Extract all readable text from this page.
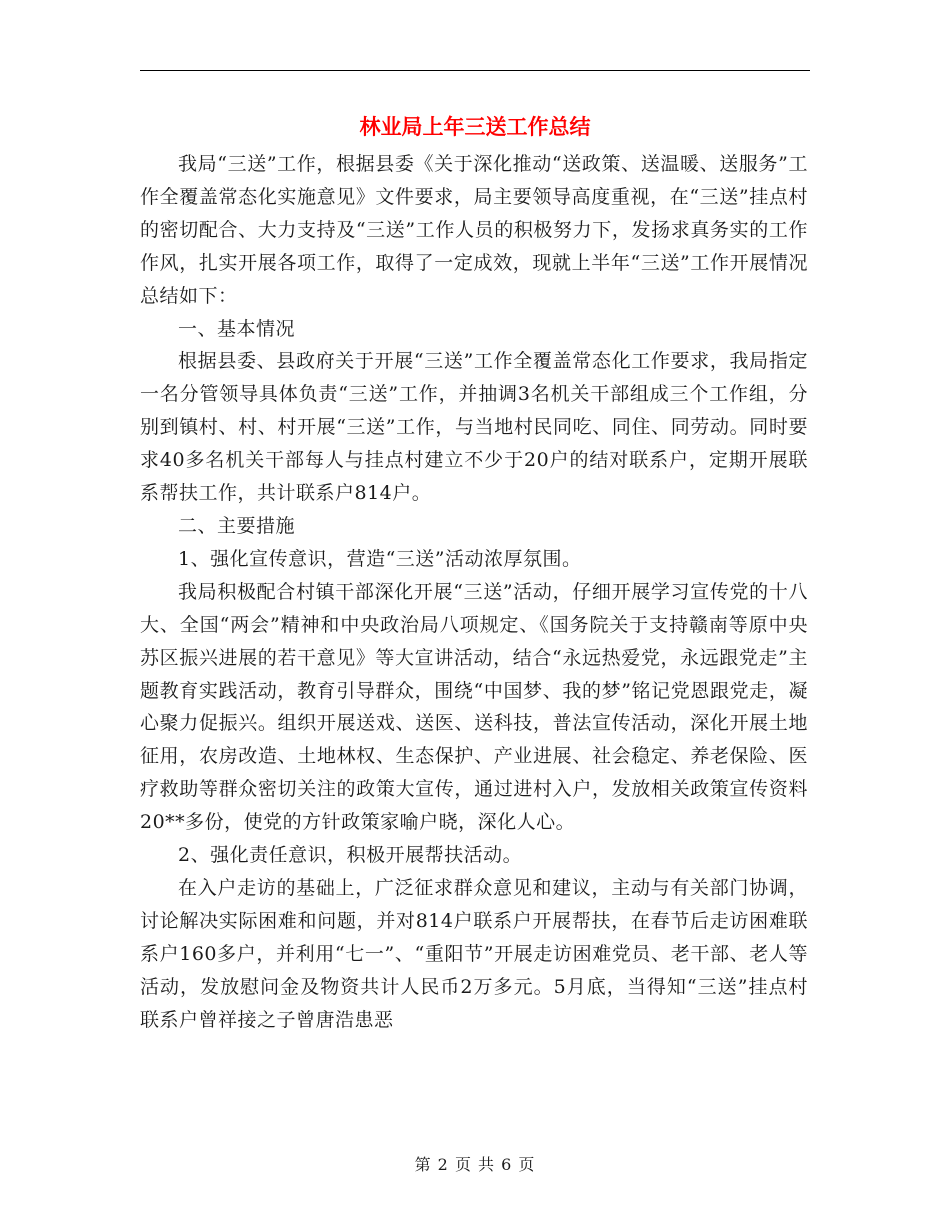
林业局上年三送工作总结

我局“三送”工作，根据县委《关于深化推动“送政策、送温暖、送服务”工作全覆盖常态化实施意见》文件要求，局主要领导高度重视，在“三送”挂点村的密切配合、大力支持及“三送”工作人员的积极努力下，发扬求真务实的工作作风，扎实开展各项工作，取得了一定成效，现就上半年“三送”工作开展情况总结如下：

一、基本情况

根据县委、县政府关于开展“三送”工作全覆盖常态化工作要求，我局指定一名分管领导具体负责“三送”工作，并抽调3名机关干部组成三个工作组，分别到镇村、村、村开展“三送”工作，与当地村民同吃、同住、同劳动。同时要求40多名机关干部每人与挂点村建立不少于20户的结对联系户，定期开展联系帮扶工作，共计联系户814户。

二、主要措施

1、强化宣传意识，营造“三送”活动浓厚氛围。

我局积极配合村镇干部深化开展“三送”活动，仔细开展学习宣传党的十八大、全国“两会”精神和中央政治局八项规定、《国务院关于支持赣南等原中央苏区振兴进展的若干意见》等大宣讲活动，结合“永远热爱党，永远跟党走”主题教育实践活动，教育引导群众，围绕“中国梦、我的梦”铭记党恩跟党走，凝心聚力促振兴。组织开展送戏、送医、送科技，普法宣传活动，深化开展土地征用，农房改造、土地林权、生态保护、产业进展、社会稳定、养老保险、医疗救助等群众密切关注的政策大宣传，通过进村入户，发放相关政策宣传资料20**多份，使党的方针政策家喻户晓，深化人心。

2、强化责任意识，积极开展帮扶活动。

在入户走访的基础上，广泛征求群众意见和建议，主动与有关部门协调，讨论解决实际困难和问题，并对814户联系户开展帮扶，在春节后走访困难联系户160多户，并利用“七一”、“重阳节”开展走访困难党员、老干部、老人等活动，发放慰问金及物资共计人民币2万多元。5月底，当得知“三送”挂点村联系户曾祥接之子曾唐浩患恶

第 2 页 共 6 页
